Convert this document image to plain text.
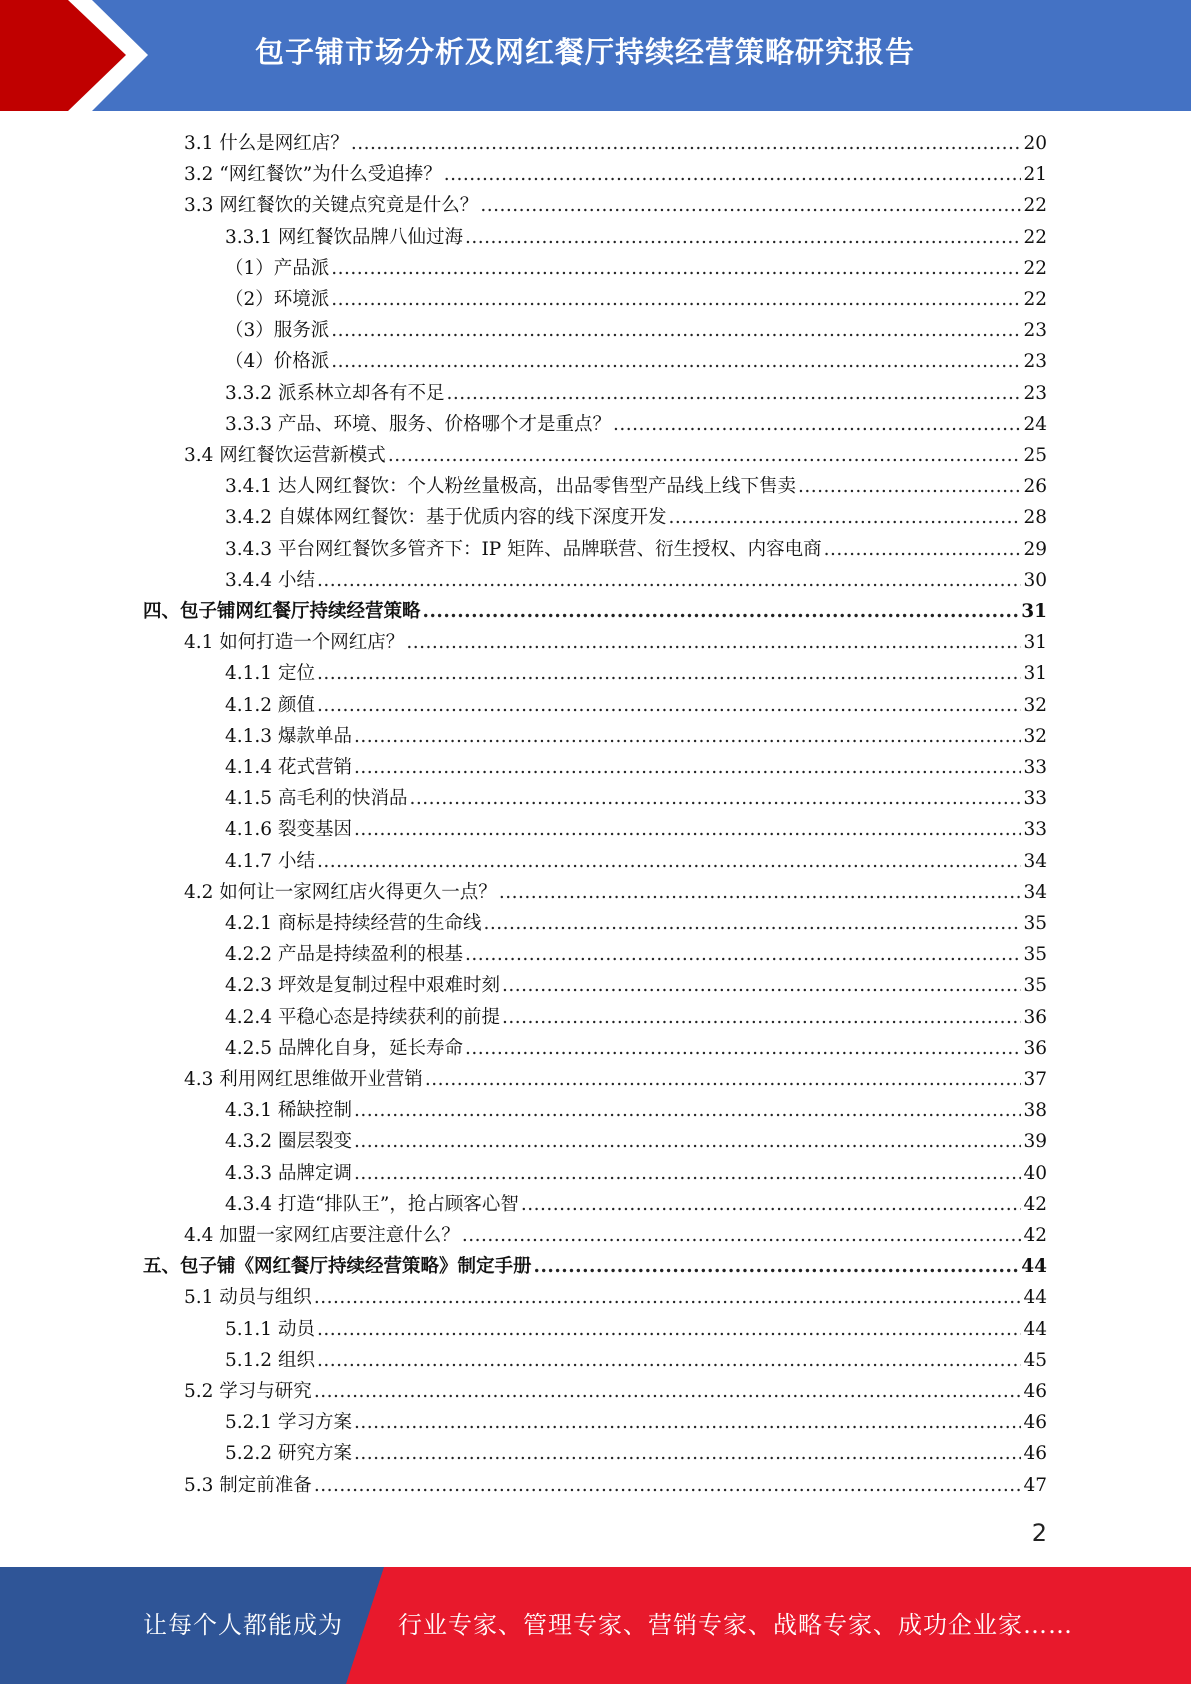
包子铺市场分析及网红餐厅持续经营策略研究报告
3.1 什么是网红店？ .....	20
3.2 “网红餐饮”为什么受追捧？ .....	21
3.3 网红餐饮的关键点究竟是什么？ .....	22
3.3.1 网红餐饮品牌八仙过海 .....	22
（1）产品派 .....	22
（2）环境派 .....	22
（3）服务派 .....	23
（4）价格派 .....	23
3.3.2 派系林立却各有不足 .....	23
3.3.3 产品、环境、服务、价格哪个才是重点？ .....	24
3.4 网红餐饮运营新模式 .....	25
3.4.1 达人网红餐饮：个人粉丝量极高，出品零售型产品线上线下售卖 .....	26
3.4.2 自媒体网红餐饮：基于优质内容的线下深度开发 .....	28
3.4.3 平台网红餐饮多管齐下：IP 矩阵、品牌联营、衍生授权、内容电商 .....	29
3.4.4 小结 .....	30
四、包子铺网红餐厅持续经营策略 .....	31
4.1 如何打造一个网红店？ .....	31
4.1.1 定位 .....	31
4.1.2 颜值 .....	32
4.1.3 爆款单品 .....	32
4.1.4 花式营销 .....	33
4.1.5 高毛利的快消品 .....	33
4.1.6 裂变基因 .....	33
4.1.7 小结 .....	34
4.2 如何让一家网红店火得更久一点？ .....	34
4.2.1 商标是持续经营的生命线 .....	35
4.2.2 产品是持续盈利的根基 .....	35
4.2.3 坪效是复制过程中艰难时刻 .....	35
4.2.4 平稳心态是持续获利的前提 .....	36
4.2.5 品牌化自身，延长寿命 .....	36
4.3 利用网红思维做开业营销 .....	37
4.3.1 稀缺控制 .....	38
4.3.2 圈层裂变 .....	39
4.3.3 品牌定调 .....	40
4.3.4 打造“排队王”，抢占顾客心智 .....	42
4.4 加盟一家网红店要注意什么？ .....	42
五、包子铺《网红餐厅持续经营策略》制定手册 .....	44
5.1 动员与组织 .....	44
5.1.1 动员 .....	44
5.1.2 组织 .....	45
5.2 学习与研究 .....	46
5.2.1 学习方案 .....	46
5.2.2 研究方案 .....	46
5.3 制定前准备 .....	47
2
让每个人都能成为 行业专家、管理专家、营销专家、战略专家、成功企业家……
